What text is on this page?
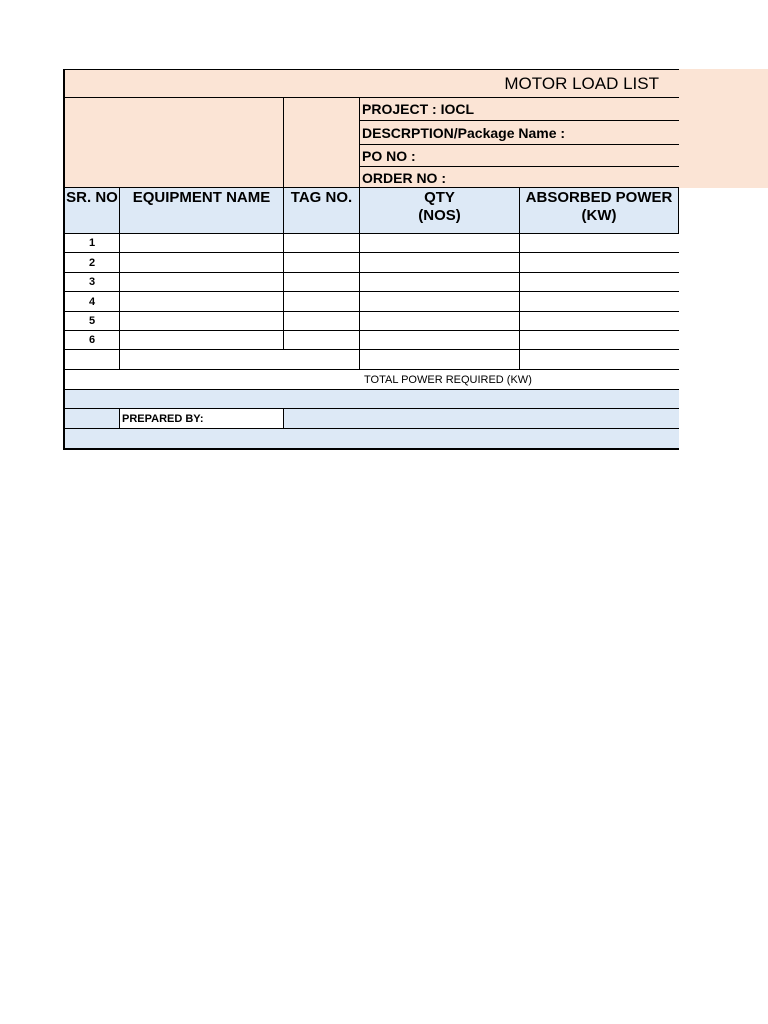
MOTOR LOAD LIST
PROJECT : IOCL
DESCRPTION/Package Name :
PO NO :
ORDER NO :
SR. NO EQUIPMENT NAME	TAG NO.	QTY
(NOS)
ABSORBED POWER
(KW)
1
2
3
4
5
6
TOTAL POWER REQUIRED (KW)
PREPARED BY:
